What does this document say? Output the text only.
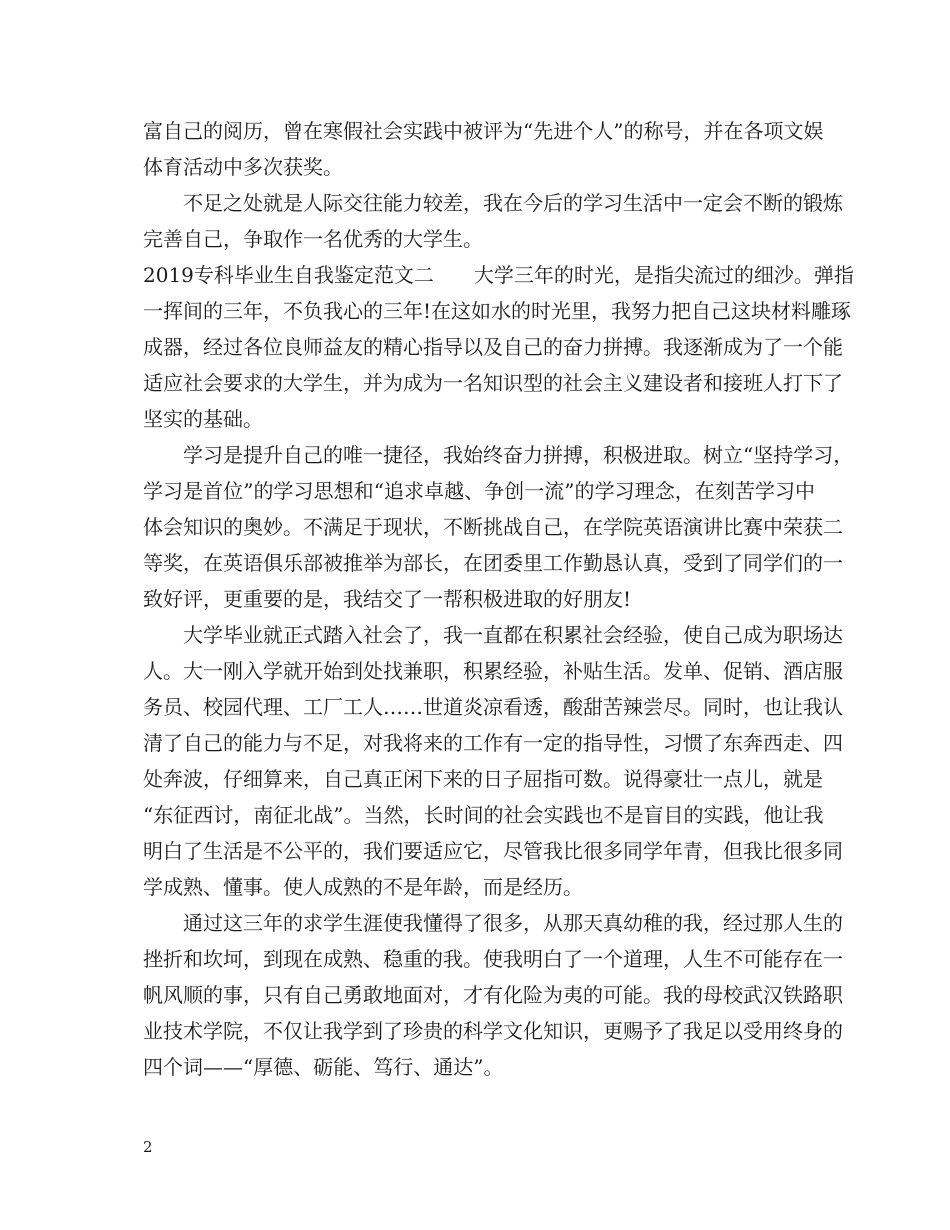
富自己的阅历，曾在寒假社会实践中被评为“先进个人”的称号，并在各项文娱
体育活动中多次获奖。
不足之处就是人际交往能力较差，我在今后的学习生活中一定会不断的锻炼
完善自己，争取作一名优秀的大学生。
2019专科毕业生自我鉴定范文二 大学三年的时光，是指尖流过的细沙。弹指
一挥间的三年，不负我心的三年!在这如水的时光里，我努力把自己这块材料雕琢
成器，经过各位良师益友的精心指导以及自己的奋力拼搏。我逐渐成为了一个能
适应社会要求的大学生，并为成为一名知识型的社会主义建设者和接班人打下了
坚实的基础。
学习是提升自己的唯一捷径，我始终奋力拼搏，积极进取。树立“坚持学习，
学习是首位”的学习思想和“追求卓越、争创一流”的学习理念，在刻苦学习中
体会知识的奥妙。不满足于现状，不断挑战自己，在学院英语演讲比赛中荣获二
等奖，在英语俱乐部被推举为部长，在团委里工作勤恳认真，受到了同学们的一
致好评，更重要的是，我结交了一帮积极进取的好朋友!
大学毕业就正式踏入社会了，我一直都在积累社会经验，使自己成为职场达
人。大一刚入学就开始到处找兼职，积累经验，补贴生活。发单、促销、酒店服
务员、校园代理、工厂工人……世道炎凉看透，酸甜苦辣尝尽。同时，也让我认
清了自己的能力与不足，对我将来的工作有一定的指导性，习惯了东奔西走、四
处奔波，仔细算来，自己真正闲下来的日子屈指可数。说得豪壮一点儿，就是
“东征西讨，南征北战”。当然，长时间的社会实践也不是盲目的实践，他让我
明白了生活是不公平的，我们要适应它，尽管我比很多同学年青，但我比很多同
学成熟、懂事。使人成熟的不是年龄，而是经历。
通过这三年的求学生涯使我懂得了很多，从那天真幼稚的我，经过那人生的
挫折和坎坷，到现在成熟、稳重的我。使我明白了一个道理，人生不可能存在一
帆风顺的事，只有自己勇敢地面对，才有化险为夷的可能。我的母校武汉铁路职
业技术学院，不仅让我学到了珍贵的科学文化知识，更赐予了我足以受用终身的
四个词——“厚德、砺能、笃行、通达”。
2
